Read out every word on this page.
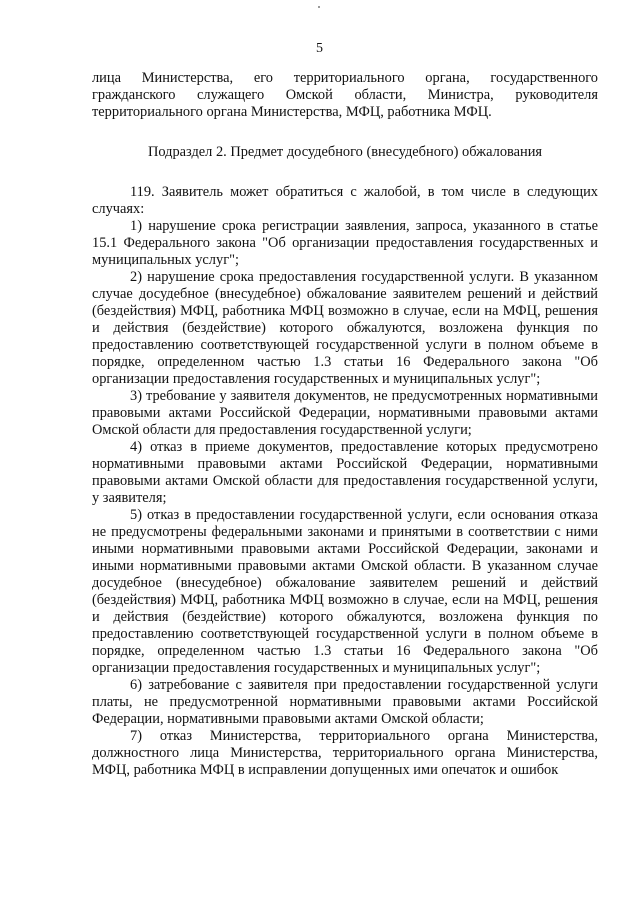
5

лица Министерства, его территориального органа, государственного гражданского служащего Омской области, Министра, руководителя территориального органа Министерства, МФЦ, работника МФЦ.

Подраздел 2. Предмет досудебного (внесудебного) обжалования

119. Заявитель может обратиться с жалобой, в том числе в следующих случаях:

1) нарушение срока регистрации заявления, запроса, указанного в статье 15.1 Федерального закона "Об организации предоставления государственных и муниципальных услуг";

2) нарушение срока предоставления государственной услуги. В указанном случае досудебное (внесудебное) обжалование заявителем решений и действий (бездействия) МФЦ, работника МФЦ возможно в случае, если на МФЦ, решения и действия (бездействие) которого обжалуются, возложена функция по предоставлению соответствующей государственной услуги в полном объеме в порядке, определенном частью 1.3 статьи 16 Федерального закона "Об организации предоставления государственных и муниципальных услуг";

3) требование у заявителя документов, не предусмотренных нормативными правовыми актами Российской Федерации, нормативными правовыми актами Омской области для предоставления государственной услуги;

4) отказ в приеме документов, предоставление которых предусмотрено нормативными правовыми актами Российской Федерации, нормативными правовыми актами Омской области для предоставления государственной услуги, у заявителя;

5) отказ в предоставлении государственной услуги, если основания отказа не предусмотрены федеральными законами и принятыми в соответствии с ними иными нормативными правовыми актами Российской Федерации, законами и иными нормативными правовыми актами Омской области. В указанном случае досудебное (внесудебное) обжалование заявителем решений и действий (бездействия) МФЦ, работника МФЦ возможно в случае, если на МФЦ, решения и действия (бездействие) которого обжалуются, возложена функция по предоставлению соответствующей государственной услуги в полном объеме в порядке, определенном частью 1.3 статьи 16 Федерального закона "Об организации предоставления государственных и муниципальных услуг";

6) затребование с заявителя при предоставлении государственной услуги платы, не предусмотренной нормативными правовыми актами Российской Федерации, нормативными правовыми актами Омской области;

7) отказ Министерства, территориального органа Министерства, должностного лица Министерства, территориального органа Министерства, МФЦ, работника МФЦ в исправлении допущенных ими опечаток и ошибок
